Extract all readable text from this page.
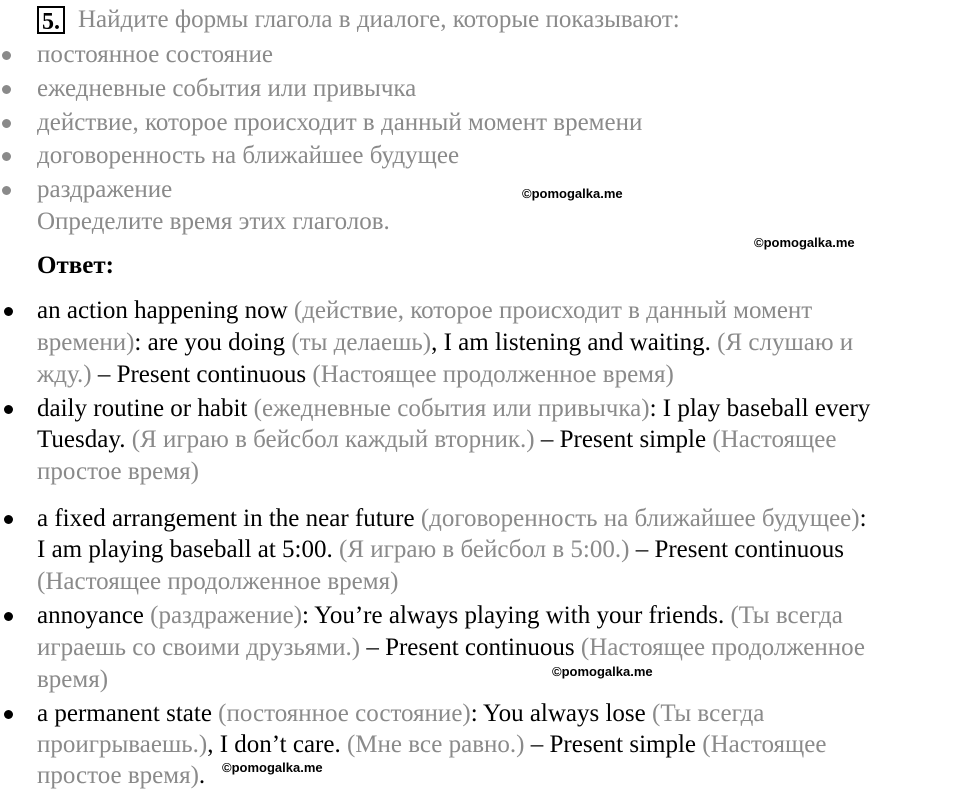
5. Найдите формы глагола в диалоге, которые показывают:
постоянное состояние
ежедневные события или привычка
действие, которое происходит в данный момент времени
договоренность на ближайшее будущее
раздражение
Определите время этих глаголов.
©pomogalka.me
©pomogalka.me
Ответ:
an action happening now (действие, которое происходит в данный момент
времени): are you doing (ты делаешь), I am listening and waiting. (Я слушаю и
жду.) – Present continuous (Настоящее продолженное время)
daily routine or habit (ежедневные события или привычка): I play baseball every
Tuesday. (Я играю в бейсбол каждый вторник.) – Present simple (Настоящее
простое время)
a fixed arrangement in the near future (договоренность на ближайшее будущее):
I am playing baseball at 5:00. (Я играю в бейсбол в 5:00.) – Present continuous
(Настоящее продолженное время)
annoyance (раздражение): You’re always playing with your friends. (Ты всегда
играешь со своими друзьями.) – Present continuous (Настоящее продолженное
время)	©pomogalka.me
a permanent state (постоянное состояние): You always lose (Ты всегда
проигрываешь.), I don’t care. (Мне все равно.) – Present simple (Настоящее
простое время). ©pomogalka.me
